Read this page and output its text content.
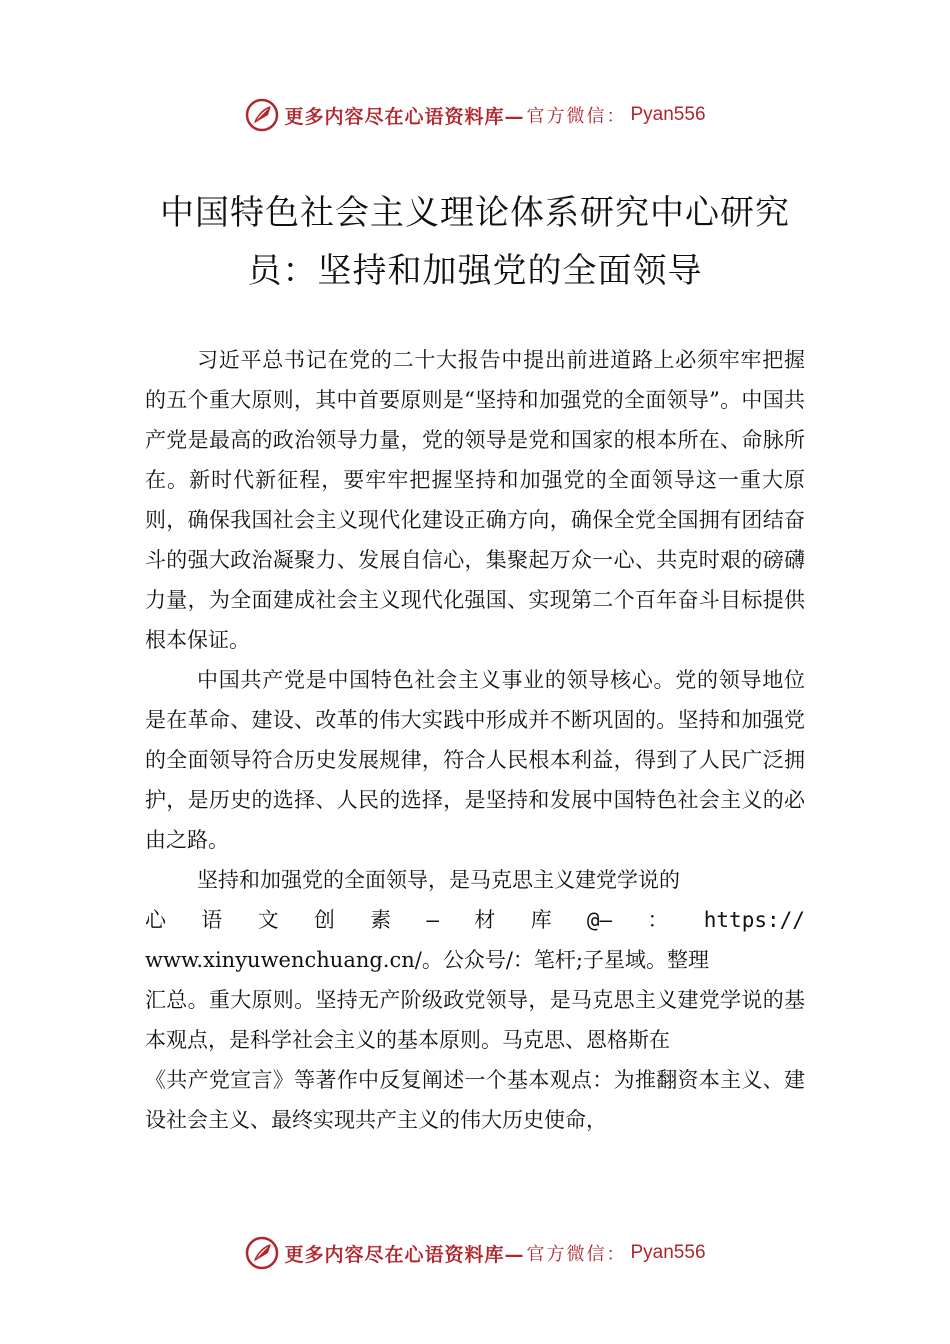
更多内容尽在心语资料库— 官方微信： Pyan556
中国特色社会主义理论体系研究中心研究
员：坚持和加强党的全面领导

习近平总书记在党的二十大报告中提出前进道路上必须牢牢把握的五个重大原则，其中首要原则是“坚持和加强党的全面领导”。中国共产党是最高的政治领导力量，党的领导是党和国家的根本所在、命脉所在。新时代新征程，要牢牢把握坚持和加强党的全面领导这一重大原则，确保我国社会主义现代化建设正确方向，确保全党全国拥有团结奋斗的强大政治凝聚力、发展自信心，集聚起万众一心、共克时艰的磅礴力量，为全面建成社会主义现代化强国、实现第二个百年奋斗目标提供根本保证。

中国共产党是中国特色社会主义事业的领导核心。党的领导地位是在革命、建设、改革的伟大实践中形成并不断巩固的。坚持和加强党的全面领导符合历史发展规律，符合人民根本利益，得到了人民广泛拥护，是历史的选择、人民的选择，是坚持和发展中国特色社会主义的必由之路。

坚持和加强党的全面领导，是马克思主义建党学说的

心 语 文 创 素 — 材 库 @— ： https://
www.xinyuwenchuang.cn/。公众号/：笔杆;子星域。整理

汇总。重大原则。坚持无产阶级政党领导，是马克思主义建党学说的基本观点，是科学社会主义的基本原则。马克思、恩格斯在

《共产党宣言》等著作中反复阐述一个基本观点：为推翻资本主义、建设社会主义、最终实现共产主义的伟大历史使命，

更多内容尽在心语资料库— 官方微信： Pyan556
